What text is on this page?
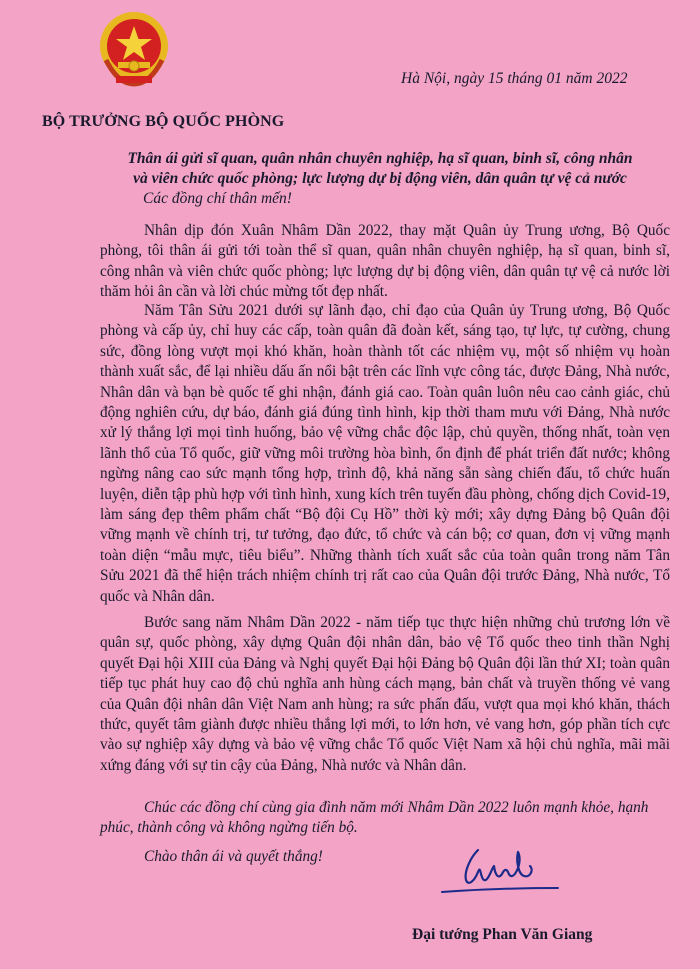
Hà Nội, ngày 15 tháng 01 năm 2022
BỘ TRƯỞNG BỘ QUỐC PHÒNG
Thân ái gửi sĩ quan, quân nhân chuyên nghiệp, hạ sĩ quan, binh sĩ, công nhân
và viên chức quốc phòng; lực lượng dự bị động viên, dân quân tự vệ cả nước
Các đồng chí thân mến!
Nhân dịp đón Xuân Nhâm Dần 2022, thay mặt Quân ủy Trung ương, Bộ Quốc phòng, tôi thân ái gửi tới toàn thể sĩ quan, quân nhân chuyên nghiệp, hạ sĩ quan, binh sĩ, công nhân và viên chức quốc phòng; lực lượng dự bị động viên, dân quân tự vệ cả nước lời thăm hỏi ân cần và lời chúc mừng tốt đẹp nhất.
Năm Tân Sửu 2021 dưới sự lãnh đạo, chỉ đạo của Quân ủy Trung ương, Bộ Quốc phòng và cấp ủy, chỉ huy các cấp, toàn quân đã đoàn kết, sáng tạo, tự lực, tự cường, chung sức, đồng lòng vượt mọi khó khăn, hoàn thành tốt các nhiệm vụ, một số nhiệm vụ hoàn thành xuất sắc, để lại nhiều dấu ấn nổi bật trên các lĩnh vực công tác, được Đảng, Nhà nước, Nhân dân và bạn bè quốc tế ghi nhận, đánh giá cao. Toàn quân luôn nêu cao cảnh giác, chủ động nghiên cứu, dự báo, đánh giá đúng tình hình, kịp thời tham mưu với Đảng, Nhà nước xử lý thắng lợi mọi tình huống, bảo vệ vững chắc độc lập, chủ quyền, thống nhất, toàn vẹn lãnh thổ của Tổ quốc, giữ vững môi trường hòa bình, ổn định để phát triển đất nước; không ngừng nâng cao sức mạnh tổng hợp, trình độ, khả năng sẵn sàng chiến đấu, tổ chức huấn luyện, diễn tập phù hợp với tình hình, xung kích trên tuyến đầu phòng, chống dịch Covid-19, làm sáng đẹp thêm phẩm chất “Bộ đội Cụ Hồ” thời kỳ mới; xây dựng Đảng bộ Quân đội vững mạnh về chính trị, tư tưởng, đạo đức, tổ chức và cán bộ; cơ quan, đơn vị vững mạnh toàn diện “mẫu mực, tiêu biểu”. Những thành tích xuất sắc của toàn quân trong năm Tân Sửu 2021 đã thể hiện trách nhiệm chính trị rất cao của Quân đội trước Đảng, Nhà nước, Tổ quốc và Nhân dân.
Bước sang năm Nhâm Dần 2022 - năm tiếp tục thực hiện những chủ trương lớn về quân sự, quốc phòng, xây dựng Quân đội nhân dân, bảo vệ Tổ quốc theo tinh thần Nghị quyết Đại hội XIII của Đảng và Nghị quyết Đại hội Đảng bộ Quân đội lần thứ XI; toàn quân tiếp tục phát huy cao độ chủ nghĩa anh hùng cách mạng, bản chất và truyền thống vẻ vang của Quân đội nhân dân Việt Nam anh hùng; ra sức phấn đấu, vượt qua mọi khó khăn, thách thức, quyết tâm giành được nhiều thắng lợi mới, to lớn hơn, vẻ vang hơn, góp phần tích cực vào sự nghiệp xây dựng và bảo vệ vững chắc Tổ quốc Việt Nam xã hội chủ nghĩa, mãi mãi xứng đáng với sự tin cậy của Đảng, Nhà nước và Nhân dân.
Chúc các đồng chí cùng gia đình năm mới Nhâm Dần 2022 luôn mạnh khỏe, hạnh phúc, thành công và không ngừng tiến bộ.
Chào thân ái và quyết thắng!
Đại tướng Phan Văn Giang
